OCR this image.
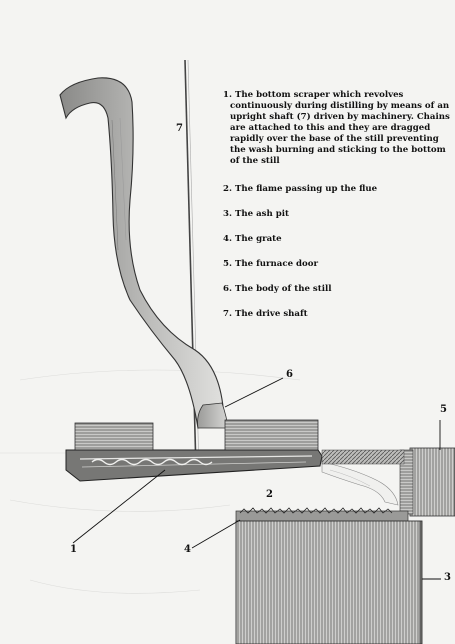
1. The bottom scraper which revolves continuously during distilling by means of an upright shaft (7) driven by machinery. Chains are attached to this and they are dragged rapidly over the base of the still preventing the wash burning and sticking to the bottom of the still
2. The flame passing up the flue
3. The ash pit
4. The grate
5. The furnace door
6. The body of the still
7. The drive shaft
7
6
5
2
4
1
3
